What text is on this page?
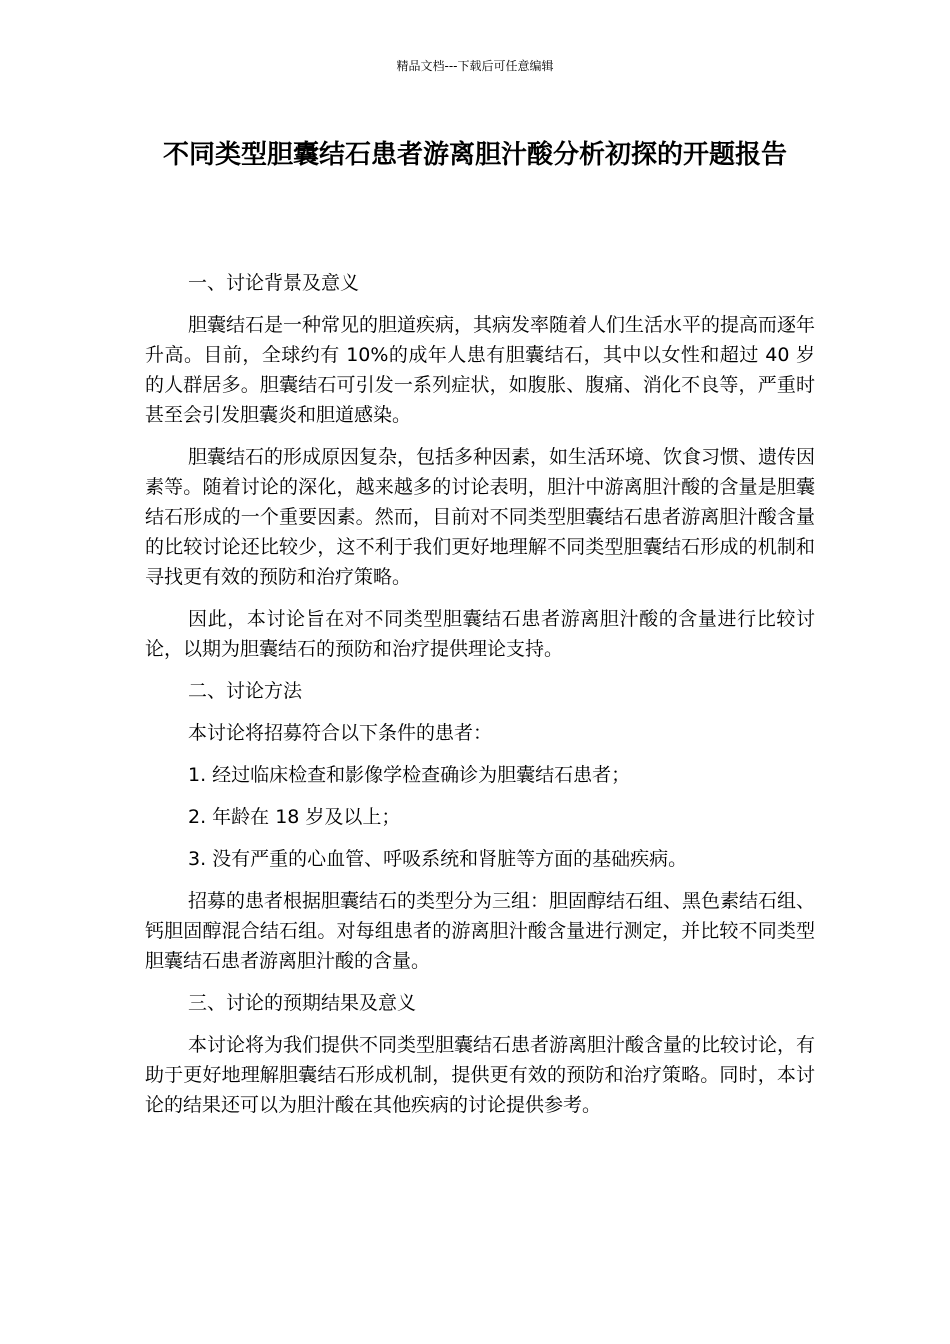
精品文档---下载后可任意编辑
不同类型胆囊结石患者游离胆汁酸分析初探的开题报告

一、讨论背景及意义

胆囊结石是一种常见的胆道疾病，其病发率随着人们生活水平的提高而逐年升高。目前，全球约有 10%的成年人患有胆囊结石，其中以女性和超过 40 岁的人群居多。胆囊结石可引发一系列症状，如腹胀、腹痛、消化不良等，严重时甚至会引发胆囊炎和胆道感染。

胆囊结石的形成原因复杂，包括多种因素，如生活环境、饮食习惯、遗传因素等。随着讨论的深化，越来越多的讨论表明，胆汁中游离胆汁酸的含量是胆囊结石形成的一个重要因素。然而，目前对不同类型胆囊结石患者游离胆汁酸含量的比较讨论还比较少，这不利于我们更好地理解不同类型胆囊结石形成的机制和寻找更有效的预防和治疗策略。

因此，本讨论旨在对不同类型胆囊结石患者游离胆汁酸的含量进行比较讨论，以期为胆囊结石的预防和治疗提供理论支持。

二、讨论方法

本讨论将招募符合以下条件的患者：

1. 经过临床检查和影像学检查确诊为胆囊结石患者；

2. 年龄在 18 岁及以上；

3. 没有严重的心血管、呼吸系统和肾脏等方面的基础疾病。

招募的患者根据胆囊结石的类型分为三组：胆固醇结石组、黑色素结石组、钙胆固醇混合结石组。对每组患者的游离胆汁酸含量进行测定，并比较不同类型胆囊结石患者游离胆汁酸的含量。

三、讨论的预期结果及意义

本讨论将为我们提供不同类型胆囊结石患者游离胆汁酸含量的比较讨论，有助于更好地理解胆囊结石形成机制，提供更有效的预防和治疗策略。同时，本讨论的结果还可以为胆汁酸在其他疾病的讨论提供参考。
